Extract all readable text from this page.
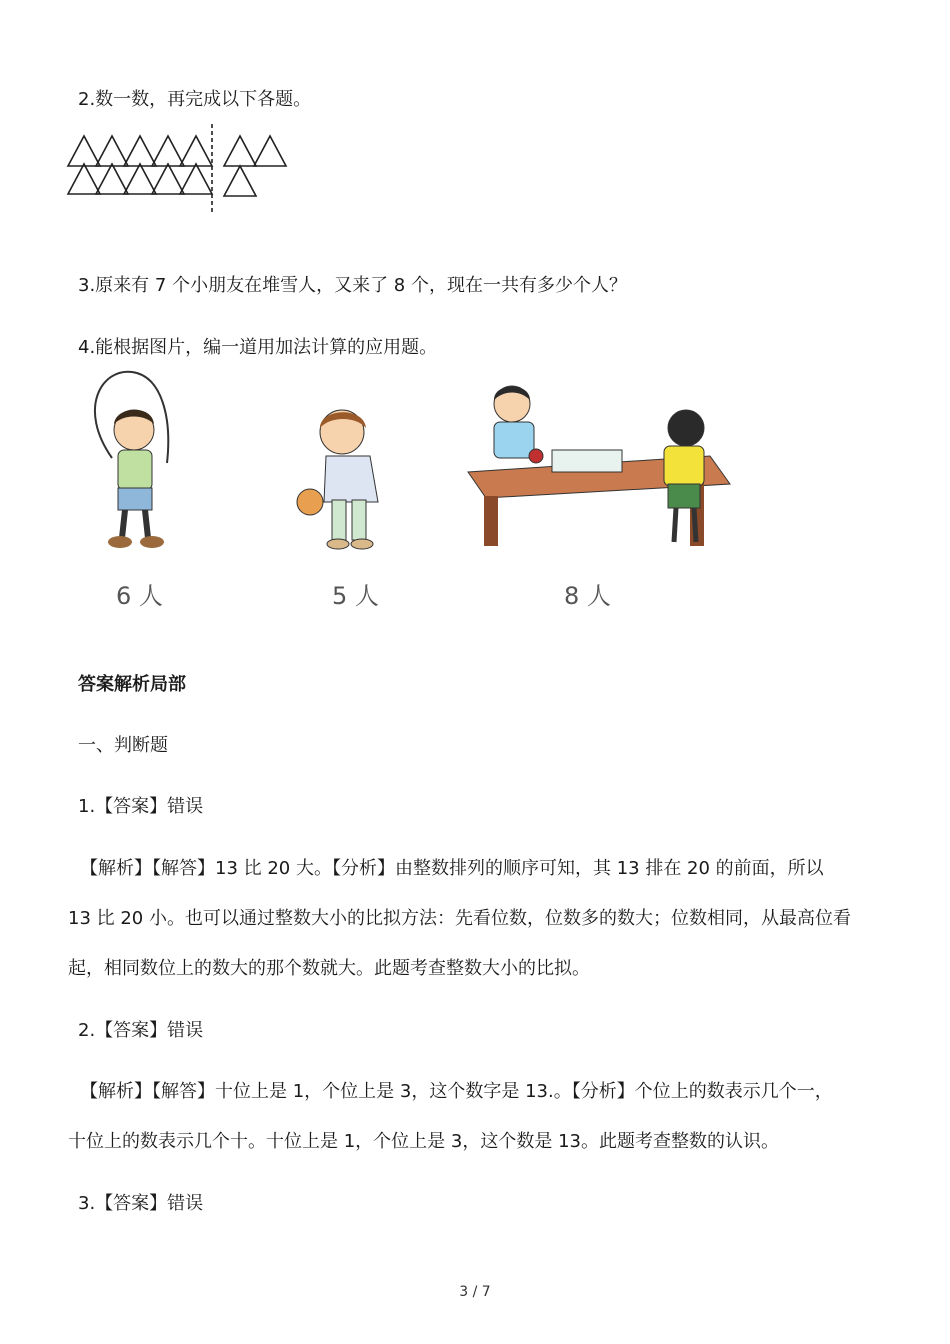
2.数一数，再完成以下各题。
3.原来有 7 个小朋友在堆雪人，又来了 8 个，现在一共有多少个人？
4.能根据图片，编一道用加法计算的应用题。
6 人	5 人	8 人
答案解析局部
一、判断题
1.【答案】错误
【解析】【解答】13 比 20 大。【分析】由整数排列的顺序可知，其 13 排在 20 的前面，所以
13 比 20 小。也可以通过整数大小的比拟方法：先看位数，位数多的数大；位数相同，从最高位看
起，相同数位上的数大的那个数就大。此题考查整数大小的比拟。
2.【答案】错误
【解析】【解答】十位上是 1，个位上是 3，这个数字是 13.。【分析】个位上的数表示几个一，
十位上的数表示几个十。十位上是 1，个位上是 3，这个数是 13。此题考查整数的认识。
3.【答案】错误
3 / 7
